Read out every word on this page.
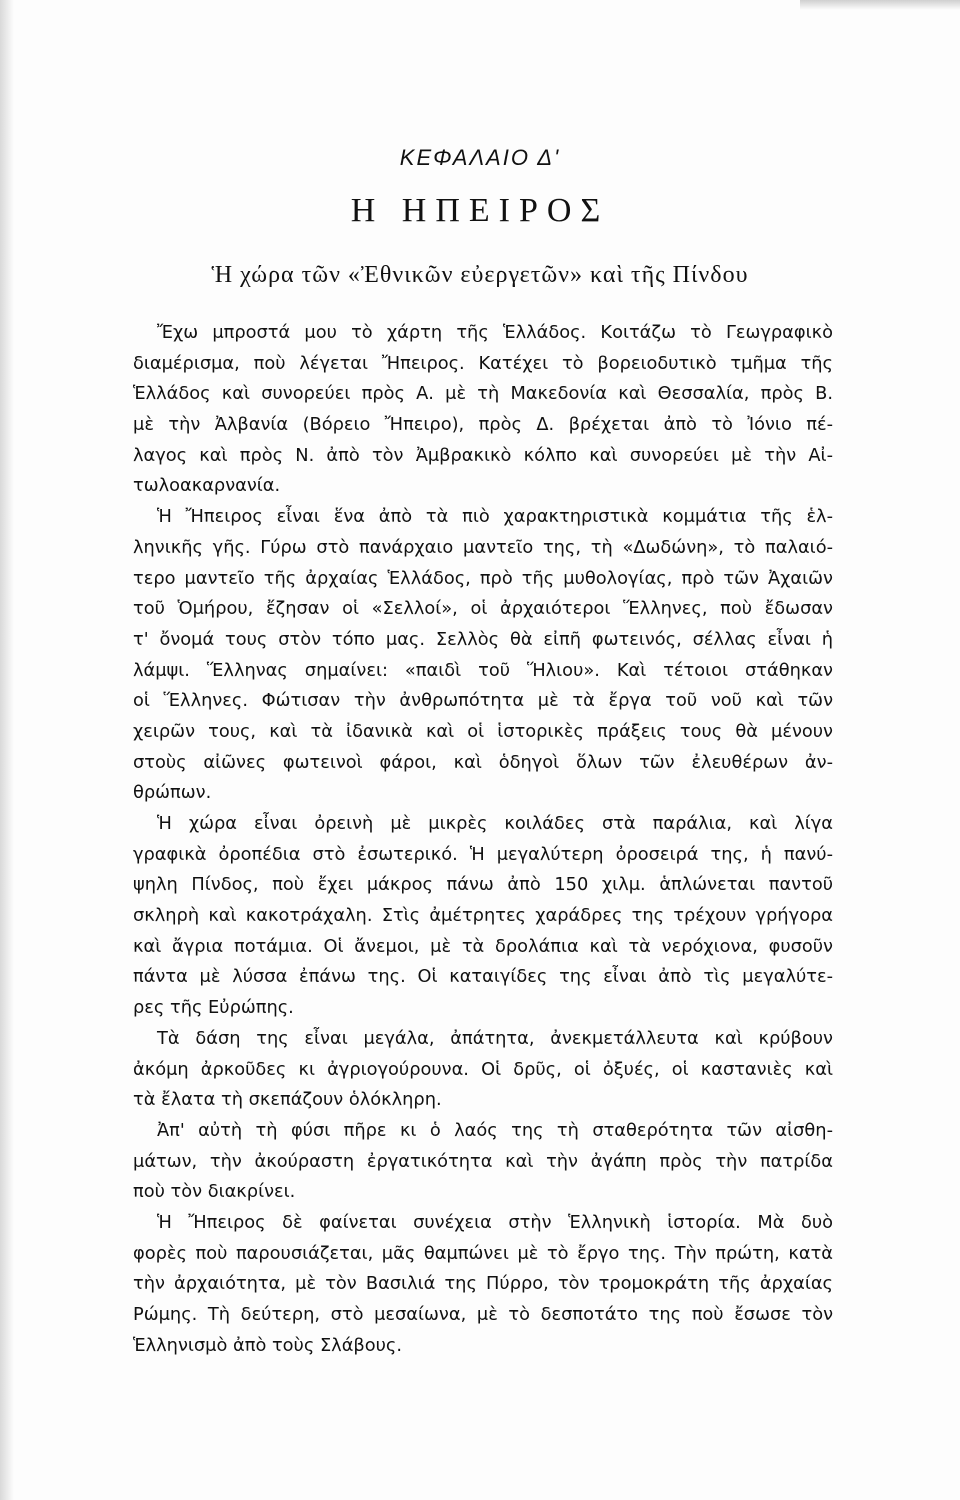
ΚΕΦΑΛΑΙΟ Δ'
Η ΗΠΕΙΡΟΣ
Ἡ χώρα τῶν «Ἐθνικῶν εὐεργετῶν» καὶ τῆς Πίνδου
Ἔχω μπροστά μου τὸ χάρτη τῆς Ἑλλάδος. Κοιτάζω τὸ Γεωγραφικὸ
διαμέρισμα, ποὺ λέγεται Ἤπειρος. Κατέχει τὸ βορειοδυτικὸ τμῆμα τῆς
Ἑλλάδος καὶ συνορεύει πρὸς Α. μὲ τὴ Μακεδονία καὶ Θεσσαλία, πρὸς Β.
μὲ τὴν Ἀλβανία (Βόρειο Ἤπειρο), πρὸς Δ. βρέχεται ἀπὸ τὸ Ἰόνιο πέ-
λαγος καὶ πρὸς Ν. ἀπὸ τὸν Ἀμβρακικὸ κόλπο καὶ συνορεύει μὲ τὴν Αἰ-
τωλοακαρνανία.
Ἡ Ἤπειρος εἶναι ἕνα ἀπὸ τὰ πιὸ χαρακτηριστικὰ κομμάτια τῆς ἑλ-
ληνικῆς γῆς. Γύρω στὸ πανάρχαιο μαντεῖο της, τὴ «Δωδώνη», τὸ παλαιό-
τερο μαντεῖο τῆς ἀρχαίας Ἑλλάδος, πρὸ τῆς μυθολογίας, πρὸ τῶν Ἀχαιῶν
τοῦ Ὁμήρου, ἔζησαν οἱ «Σελλοί», οἱ ἀρχαιότεροι Ἕλληνες, ποὺ ἔδωσαν
τ' ὄνομά τους στὸν τόπο μας. Σελλὸς θὰ εἰπῆ φωτεινός, σέλλας εἶναι ἡ
λάμψι. Ἕλληνας σημαίνει: «παιδὶ τοῦ Ἥλιου». Καὶ τέτοιοι στάθηκαν
οἱ Ἕλληνες. Φώτισαν τὴν ἀνθρωπότητα μὲ τὰ ἔργα τοῦ νοῦ καὶ τῶν
χειρῶν τους, καὶ τὰ ἰδανικὰ καὶ οἱ ἱστορικὲς πράξεις τους θὰ μένουν
στοὺς αἰῶνες φωτεινοὶ φάροι, καὶ ὁδηγοὶ ὅλων τῶν ἐλευθέρων ἀν-
θρώπων.
Ἡ χώρα εἶναι ὀρεινὴ μὲ μικρὲς κοιλάδες στὰ παράλια, καὶ λίγα
γραφικὰ ὀροπέδια στὸ ἐσωτερικό. Ἡ μεγαλύτερη ὀροσειρά της, ἡ πανύ-
ψηλη Πίνδος, ποὺ ἔχει μάκρος πάνω ἀπὸ 150 χιλμ. ἁπλώνεται παντοῦ
σκληρὴ καὶ κακοτράχαλη. Στὶς ἀμέτρητες χαράδρες της τρέχουν γρήγορα
καὶ ἄγρια ποτάμια. Οἱ ἄνεμοι, μὲ τὰ δρολάπια καὶ τὰ νερόχιονα, φυσοῦν
πάντα μὲ λύσσα ἐπάνω της. Οἱ καταιγίδες της εἶναι ἀπὸ τὶς μεγαλύτε-
ρες τῆς Εὐρώπης.
Τὰ δάση της εἶναι μεγάλα, ἀπάτητα, ἀνεκμετάλλευτα καὶ κρύβουν
ἀκόμη ἀρκοῦδες κι ἀγριογούρουνα. Οἱ δρῦς, οἱ ὀξυές, οἱ καστανιὲς καὶ
τὰ ἔλατα τὴ σκεπάζουν ὁλόκληρη.
Ἀπ' αὐτὴ τὴ φύσι πῆρε κι ὁ λαός της τὴ σταθερότητα τῶν αἰσθη-
μάτων, τὴν ἀκούραστη ἐργατικότητα καὶ τὴν ἀγάπη πρὸς τὴν πατρίδα
ποὺ τὸν διακρίνει.
Ἡ Ἤπειρος δὲ φαίνεται συνέχεια στὴν Ἑλληνικὴ ἱστορία. Μὰ δυὸ
φορὲς ποὺ παρουσιάζεται, μᾶς θαμπώνει μὲ τὸ ἔργο της. Τὴν πρώτη, κατὰ
τὴν ἀρχαιότητα, μὲ τὸν Βασιλιά της Πύρρο, τὸν τρομοκράτη τῆς ἀρχαίας
Ρώμης. Τὴ δεύτερη, στὸ μεσαίωνα, μὲ τὸ δεσποτάτο της ποὺ ἔσωσε τὸν
Ἑλληνισμὸ ἀπὸ τοὺς Σλάβους.
